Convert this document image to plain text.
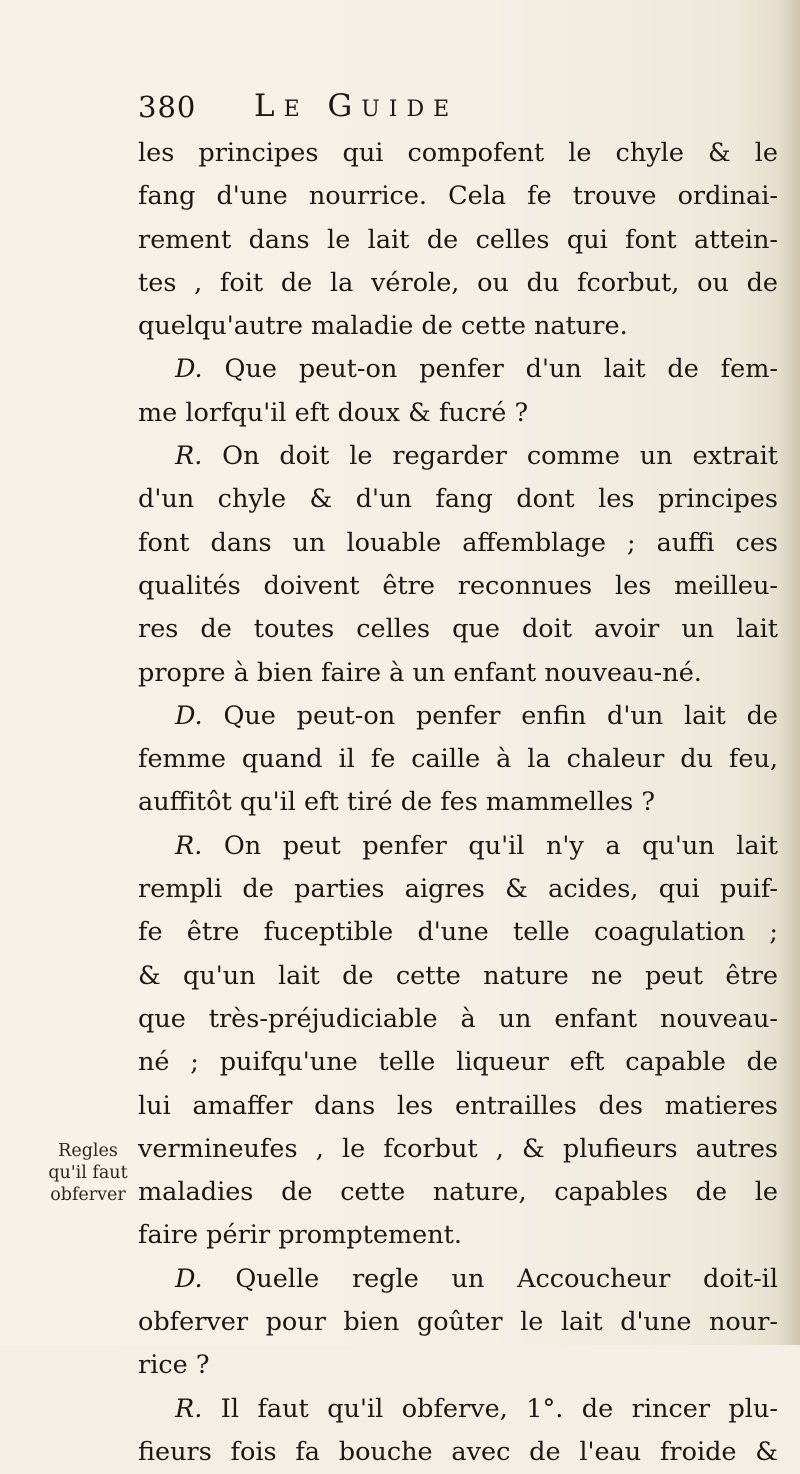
380 Le Guide
les principes qui compofent le chyle & le
fang d'une nourrice. Cela fe trouve ordinai-
rement dans le lait de celles qui font attein-
tes , foit de la vérole, ou du fcorbut, ou de
quelqu'autre maladie de cette nature.
D. Que peut-on penfer d'un lait de fem-
me lorfqu'il eft doux & fucré ?
R. On doit le regarder comme un extrait
d'un chyle & d'un fang dont les principes
font dans un louable affemblage ; auffi ces
qualités doivent être reconnues les meilleu-
res de toutes celles que doit avoir un lait
propre à bien faire à un enfant nouveau-né.
D. Que peut-on penfer enfin d'un lait de
femme quand il fe caille à la chaleur du feu,
auffitôt qu'il eft tiré de fes mammelles ?
R. On peut penfer qu'il n'y a qu'un lait
rempli de parties aigres & acides, qui puif-
fe être fuceptible d'une telle coagulation ;
& qu'un lait de cette nature ne peut être
que très-préjudiciable à un enfant nouveau-
né ; puifqu'une telle liqueur eft capable de
lui amaffer dans les entrailles des matieres
vermineufes , le fcorbut , & plufieurs autres
maladies de cette nature, capables de le
faire périr promptement.
D. Quelle regle un Accoucheur doit-il
obferver pour bien goûter le lait d'une nour-
rice ?
R. Il faut qu'il obferve, 1°. de rincer plu-
fieurs fois fa bouche avec de l'eau froide &
Regles
qu'il faut
obferver
